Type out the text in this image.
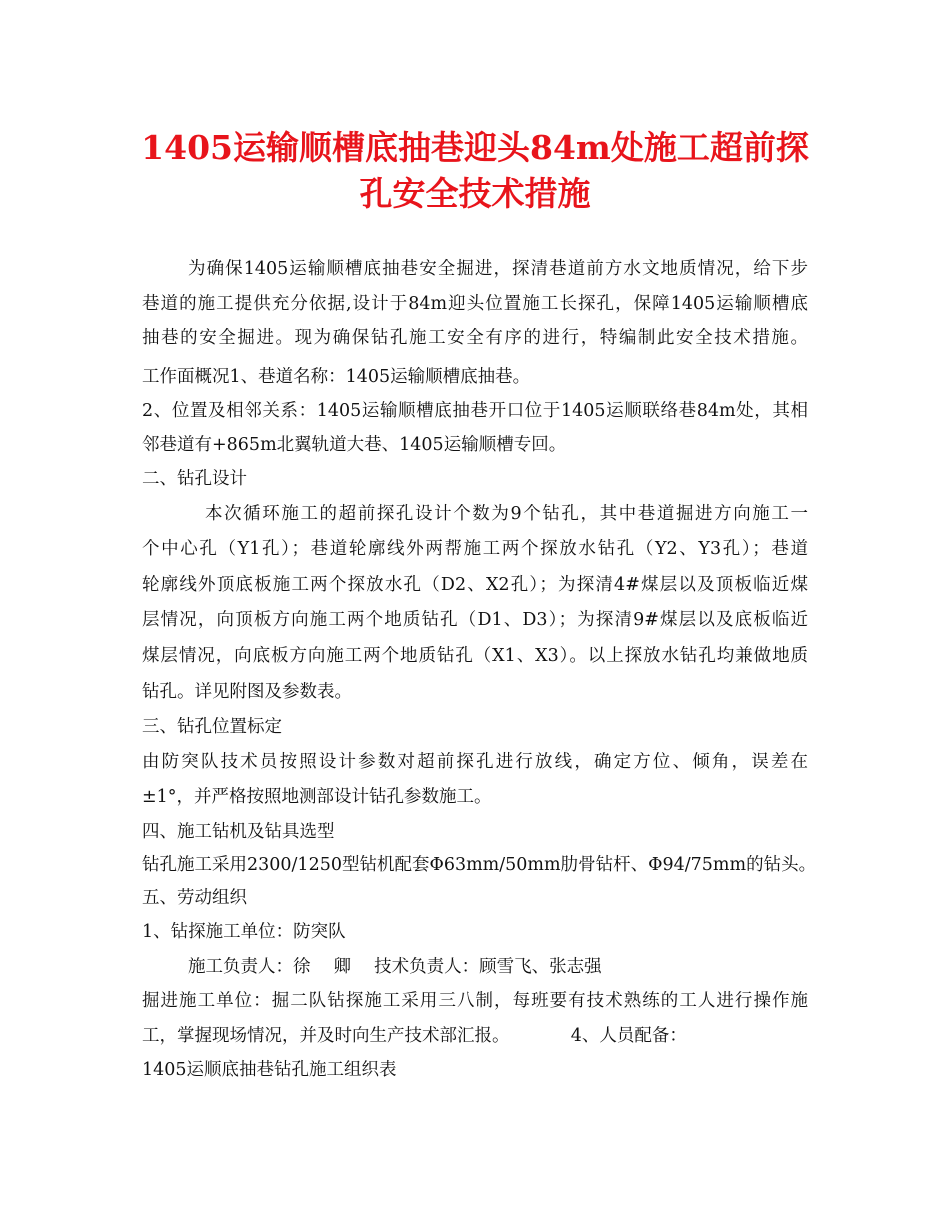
1405运输顺槽底抽巷迎头84m处施工超前探
孔安全技术措施

为确保1405运输顺槽底抽巷安全掘进，探清巷道前方水文地质情况，给下步

巷道的施工提供充分依据,设计于84m迎头位置施工长探孔，保障1405运输顺槽底

抽巷的安全掘进。现为确保钻孔施工安全有序的进行，特编制此安全技术措施。

工作面概况1、巷道名称：1405运输顺槽底抽巷。

2、位置及相邻关系：1405运输顺槽底抽巷开口位于1405运顺联络巷84m处，其相

邻巷道有+865m北翼轨道大巷、1405运输顺槽专回。

二、钻孔设计

本次循环施工的超前探孔设计个数为9个钻孔，其中巷道掘进方向施工一

个中心孔（Y1孔）；巷道轮廓线外两帮施工两个探放水钻孔（Y2、Y3孔）；巷道

轮廓线外顶底板施工两个探放水孔（D2、X2孔）；为探清4#煤层以及顶板临近煤

层情况，向顶板方向施工两个地质钻孔（D1、D3）；为探清9#煤层以及底板临近

煤层情况，向底板方向施工两个地质钻孔（X1、X3）。以上探放水钻孔均兼做地质

钻孔。详见附图及参数表。

三、钻孔位置标定

由防突队技术员按照设计参数对超前探孔进行放线，确定方位、倾角，误差在

±1°，并严格按照地测部设计钻孔参数施工。

四、施工钻机及钻具选型

钻孔施工采用2300/1250型钻机配套Φ63mm/50mm肋骨钻杆、Φ94/75mm的钻头。

五、劳动组织

1、钻探施工单位：防突队

施工负责人：徐　 卿　 技术负责人：顾雪飞、张志强

掘进施工单位：掘二队钻探施工采用三八制，每班要有技术熟练的工人进行操作施

工，掌握现场情况，并及时向生产技术部汇报。　　　　4、人员配备：

1405运顺底抽巷钻孔施工组织表
